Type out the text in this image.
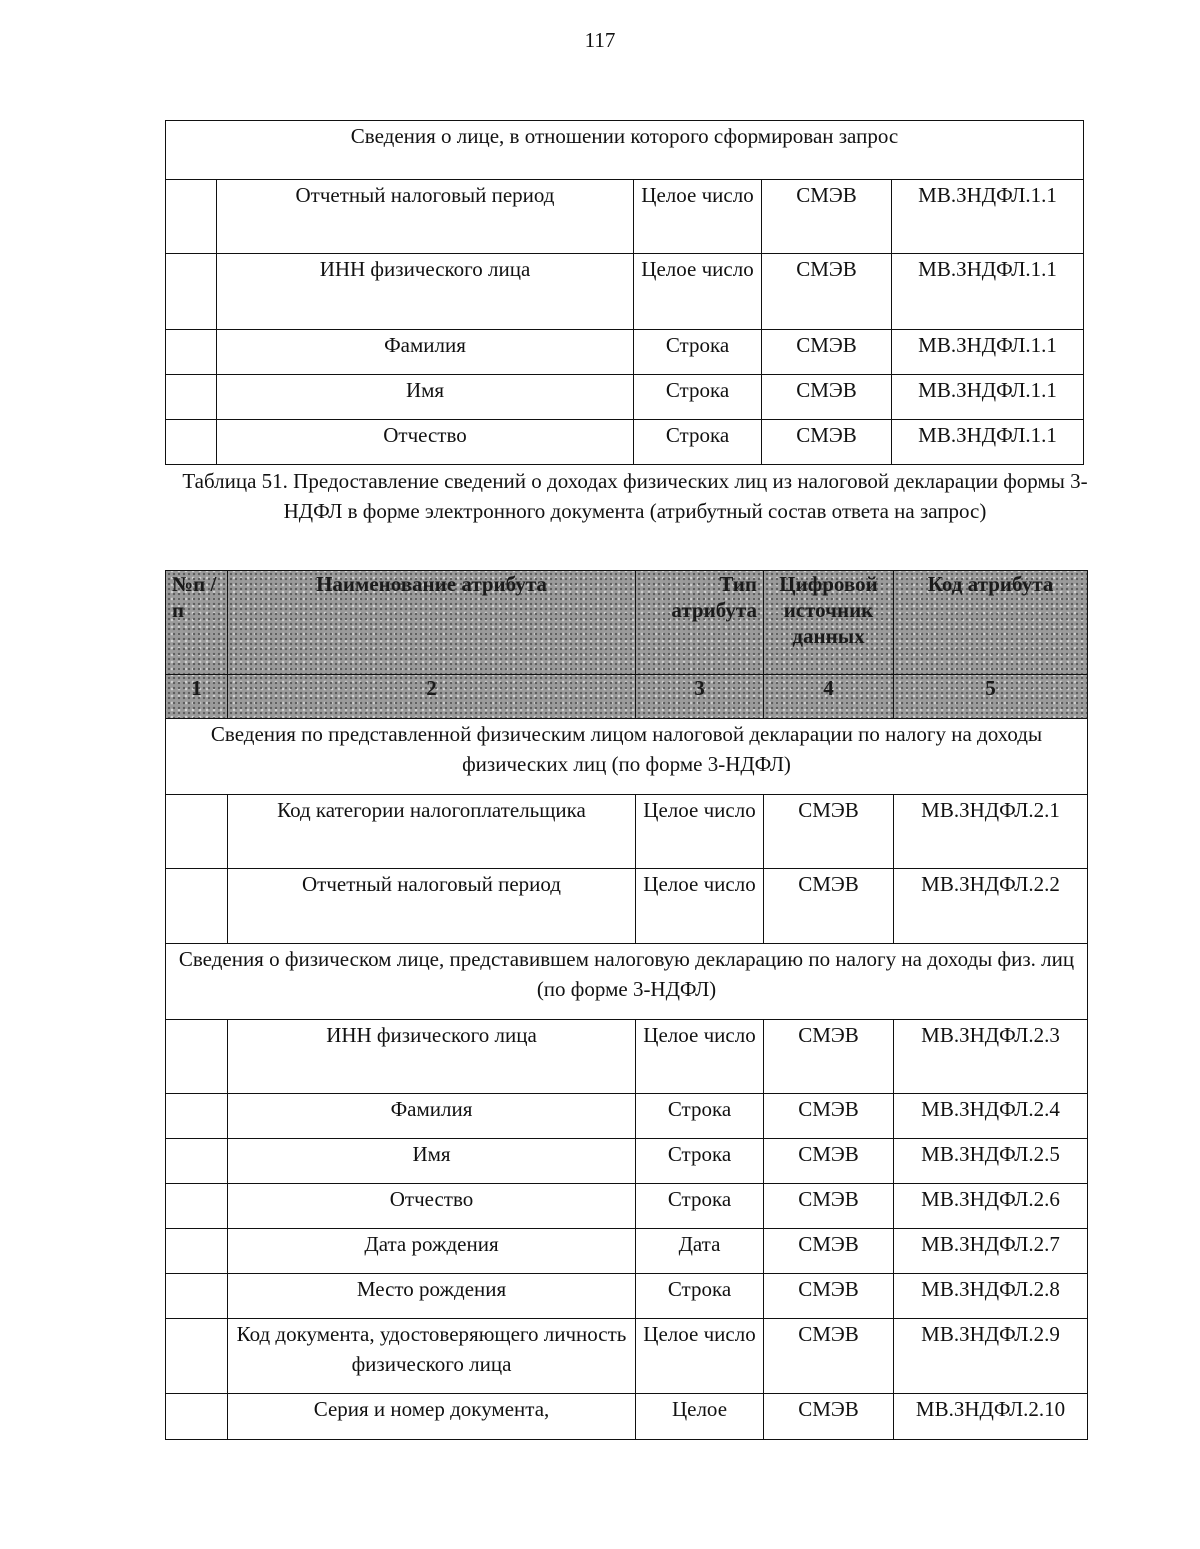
117
Сведения о лице, в отношении которого сформирован запрос				
	Отчетный налоговый период	Целое число	СМЭВ	МВ.ЗНДФЛ.1.1
	ИНН физического лица	Целое число	СМЭВ	МВ.ЗНДФЛ.1.1
	Фамилия	Строка	СМЭВ	МВ.ЗНДФЛ.1.1
	Имя	Строка	СМЭВ	МВ.ЗНДФЛ.1.1
	Отчество	Строка	СМЭВ	МВ.ЗНДФЛ.1.1
Таблица 51. Предоставление сведений о доходах физических лиц из налоговой декларации формы 3-НДФЛ в форме электронного документа (атрибутный состав ответа на запрос)
№п /п	Наименование атрибута	Тип атрибута	Цифровой источник данных	Код атрибута
1	2	3	4	5
Сведения по представленной физическим лицом налоговой декларации по налогу на доходы физических лиц (по форме 3-НДФЛ)				
	Код категории налогоплательщика	Целое число	СМЭВ	МВ.ЗНДФЛ.2.1
	Отчетный налоговый период	Целое число	СМЭВ	МВ.ЗНДФЛ.2.2
Сведения о физическом лице, представившем налоговую декларацию по налогу на доходы физ. лиц (по форме 3-НДФЛ)				
	ИНН физического лица	Целое число	СМЭВ	МВ.ЗНДФЛ.2.3
	Фамилия	Строка	СМЭВ	МВ.ЗНДФЛ.2.4
	Имя	Строка	СМЭВ	МВ.ЗНДФЛ.2.5
	Отчество	Строка	СМЭВ	МВ.ЗНДФЛ.2.6
	Дата рождения	Дата	СМЭВ	МВ.ЗНДФЛ.2.7
	Место рождения	Строка	СМЭВ	МВ.ЗНДФЛ.2.8
	Код документа, удостоверяющего личность физического лица	Целое число	СМЭВ	МВ.ЗНДФЛ.2.9
	Серия и номер документа,	Целое	СМЭВ	МВ.ЗНДФЛ.2.10
